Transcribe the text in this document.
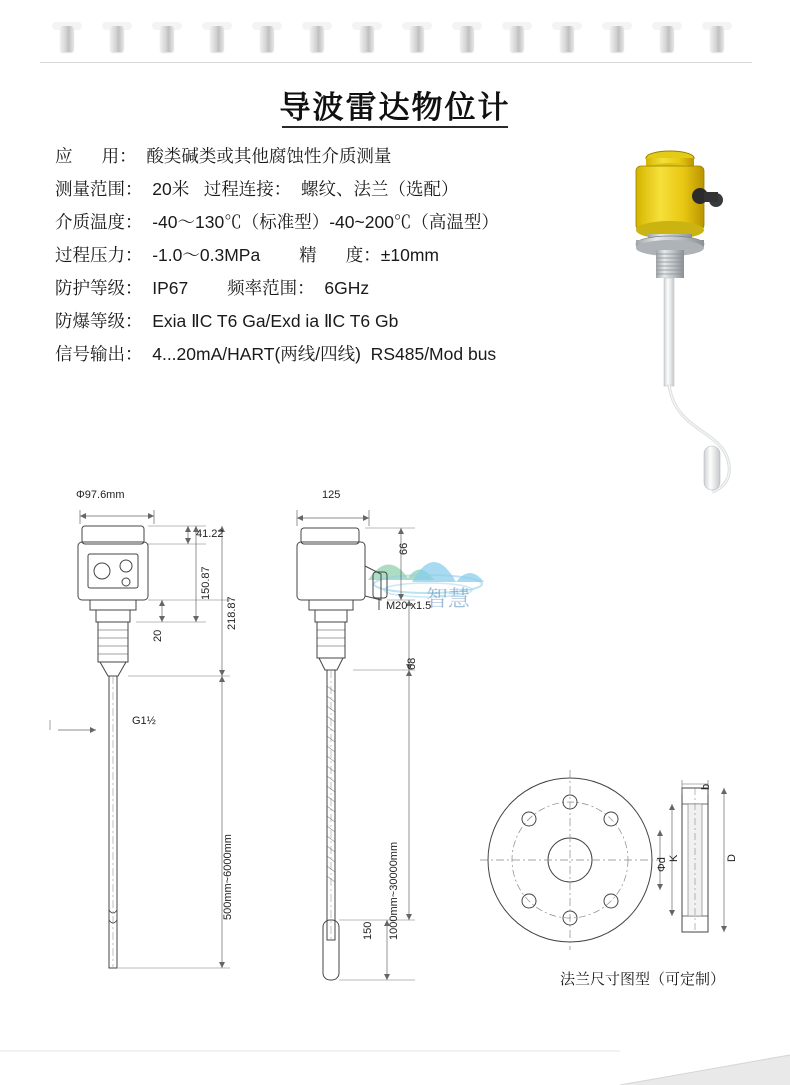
导波雷达物位计
应      用：  酸类碱类或其他腐蚀性介质测量
测量范围：  20米   过程连接：  螺纹、法兰（选配）
介质温度：  -40～130℃（标准型）-40~200℃（高温型）
过程压力：  -1.0～0.3MPa        精      度：±10mm
防护等级：  IP67        频率范围：  6GHz
防爆等级：  Exia ⅡC T6 Ga/Exd ia ⅡC T6 Gb
信号输出：  4...20mA/HART(两线/四线)  RS485/Mod bus
智慧
Φ97.6mm
41.22
150.87
20
218.87
G1½
500mm~6000mm
125
66
M20 x1.5
68
1000mm~30000mm
150
K
Φd	D
b
法兰尺寸图型（可定制）
